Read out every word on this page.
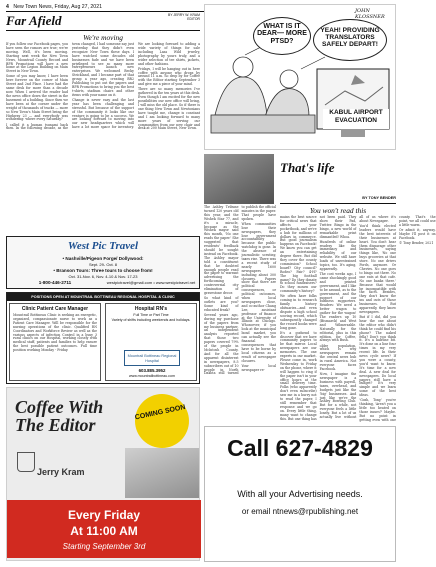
4 New Town News, Friday, Aug 27, 2021
Far Afield	BY JERRY W. KRAM
EDITOR
We're moving

If you follow our Facebook pages, you have seen the rumors are true; we're moving. Well, it's been moving. Starting next week the New Town News, Mountrail County Record and BPR Promotions will have a new home at the Legion Building on Main Street in New Town.

Some of you may know, I have been here forever on the corner of Main Street and 2nd Place. I have had the same desk for more than a decade now. When I arrived the reader had the news office down the street in the basement of a building. Since then we have been at the corner under the weight of thousands of tracks — more so New Town's Main Street being the Highway 23 — and everybody was wondering: where every Saturday?

I called it a human tsunami back then. In the following decade, as the town changed, I had someone say just yesterday that they didn't even recognize New Town these days. I have watched some decades old businesses fade and we have been privileged to see so many more entrepreneurs launch new enterprises. We welcomed Becky Strickland, and I became part of that group a year ago, creating BR2 Publishing to put out the papers and BPR Promotions to bring you the best t-shirts, stadium chairs and other items with your name on it.

Change is never easy and the last year has been challenging and stressful. But because of the support of the community it looks like our venture is going to be a success. We are looking forward to moving into our new headquarters which will have a lot more space for inventory. We are looking forward to adding a wide variety of things for sale including Lasa Wild jewelry, photography by yours truly, and a wider selection of tee shirts, jackets, and other fashions.

Fridays, I will be hanging out in here coffee with anyone who drops by around 11 a.m. So drop by for Coffee with the Editor starting September 3 and give me a piece of your mind.

There are so many memories I've gathered in the ten years at this desk. Even though I am excited for the new possibilities our new office will bring, I will miss the old place. So if there is one thing New Town and Newtonians have taught me, change is constant and I am looking forward to many more years of serving our communities from our new chair and desk at 200 Main Street, New Town.

West Pic Travel
• Nashville/Pigeon Forge/ Dollywood:
Sept. 29- Oct. 8
• Branson Tours: Three tours to choose from!
Oct. 31-Nov. 6, Nov. 4-10 & Nov. 17-23
1-800-446-2711	westpictravel@gmail.com • www.westpictravel.net
POSITIONS OPEN AT MOUNTRAIL BOTTINEAU REGIONAL HOSPITAL & CLINIC
Clinic Patient Care Manager
Mountrail Bottineau Clinic is seeking an energetic, organized, compassionate nurse to work as a Patient Care Manager. Will be responsible for the nursing operations of the clinic. Qualified RN Coordinators and Workforce Review as well as the various aspects of infection Control in a busy 3 rural clinics on our Hospital, working closely with medical staff, patients and families to help ensure the best possible patient outcomes. Full time position working Monday - Friday.
Hospital RN's
Full Time or Part Time
Variety of shifts including weekends and holidays.
Mountrail Bottineau Regional Hospital
603.885.3952
www.mountrailbottineau.com
Coffee With The Editor
Jerry Kram
COMING SOON
Every Friday
At 11:00 AM
Starting September 3rd
JOHN KLOSSNER
WHAT IS IT DEAR— MORE PTSD?
YEAH! PROVIDING TRANSLATORS SAFELY DEPART!
KABUL AIRPORT EVACUATION
That's life
BY TONY BENDER
You won't read this

The Ashley Tribune turned 120 years old this year, and the Wishek Star 77, and it's a miracle, because as the Wishek mayor said this month, 'No one reads the paper.' She suggested that residents' feedback should be sought instead on Facebook. The Ashley mayor told a constituent that he doubted enough people read the paper to warrant advertising the forthcoming controversial city elimination of gravestone decor.

So what kind of outlets are you? Some kind of educated freak?

Several years ago, during my purchase of the papers from my business partner, an independent analysis reported that those two papers covered 79% of the people in McIntosh County. And for all the apparent disinterest in newspapers, 8.5 subscribers out of 10 people in North Dakota still turned to publish the official minutes in the paper. That people have spoken.

When communities lose their newspapers, they lose government accountability because the public watchdog is gone. In the absence of journalistic scrutiny, taxes rise. There was a recent study of nearly 1600 newspapers including about 300 closures. Papers show that there are political consequences, or political outcomes, when local newspapers close, and co-author Chang Lee, assistant professor of finance at the University of Illinois at Chicago. Whosoever, if you look at the municipal bond market, you can actually see the financial consequences that have to be borne by local citizens as a result of newspaper closures.

Your local newspaper re-

mains the best source for critical news that affects your pocketbook, and we're a hub for millions of dollars in commerce. But good journalism happens on Facebook! We know you can get an entertaining degree there. But did they cover the county commission? School board? City council? Rodeo? Fair? 4-H? The big football game? Do they donate to school fundraisers? Do they mourn our community's history?

We often have folks coming in to research family history obituaries—and even dispute a high school scoring record, which subsequently changed the record books were long gone.

It's a godsend to discover that we have community papers to be that mirror. Local newspapers are our memories. The one experts in our market. Please come in, work Wednesday to Friday on the phone, where it will happen to ring if the paper isn't in your office hours at the small delivery time. Folks (who apparently don't even subscribe) saw me in a hurry not to read the paper, I still remember that response and we go on. Every little thing, many want to change this. But one thing has not been paid. They show their Pad, Twitter. Bingo in the bingo, a new world of remarkable print dismantled! Whoa.

Hundreds of online readers like the immediacy and reliability of our website. We still have loads of unrestrained topics, too. It's aging, apparently.

The cost weeks ago, I came shockingly good and printed government, and I like to be around, as to the government, and the support of our business supporters. Readers: We need a better wagon to gather for the wagon! The readers up 10 (Bismarck) and West and Wilmerzahle. Naturally for the editorial, plus in this edition, for Coffee, always with Bush.

older population, which is why newspapers remain the central news hub in rural America. Not everyone faces Facebook.

Now, I imagine the newspaper is a business with payroll, taxes, overhead, and budgets just like the 'big' businesses. And just like we're the Ashley Bowling Club. But for a while, not everyone feels a little lonely. But a lot of us actually live without all of us where it's about Newspaper.

You'd think elected leaders would have the best interests of their businesses at heart. You don't hear them disparage other businesses, saying things like, 'No one buys groceries at that store. No one drives Fords, anymore. Or Chevies. No one goes to bingo out there. No one eats at that cafe. No one banks there.' Because that would be incompatible with the facts. Besides, they don't know the ins and outs of those businesses. But apparently, they know newspapers.

But if I did, did you hear the one about the editor who didn't think he could find his phone? The naked fella? Don't you think it. It's a hairline bit. It's done on a line four times in my very recent life. In their news cycle news? If you were a county, you'd want to know. It's time for a new deal. A new deal for newspapers. Do local papers still have a budget? It's very simple and we learn some of the best ideas.

'Gosh, Tony,' you're thinking, 'Aren't you a little too heated on those issues?' Maybe. But no point in getting even with one county. That's the point, we all could use a little warm.

Or admit it, anyway. Maybe I'll post it on Facebook.

© Tony Bender, 2021

Call 627-4829
With all your Advertising needs.
or email ntnews@rpublishing.net
